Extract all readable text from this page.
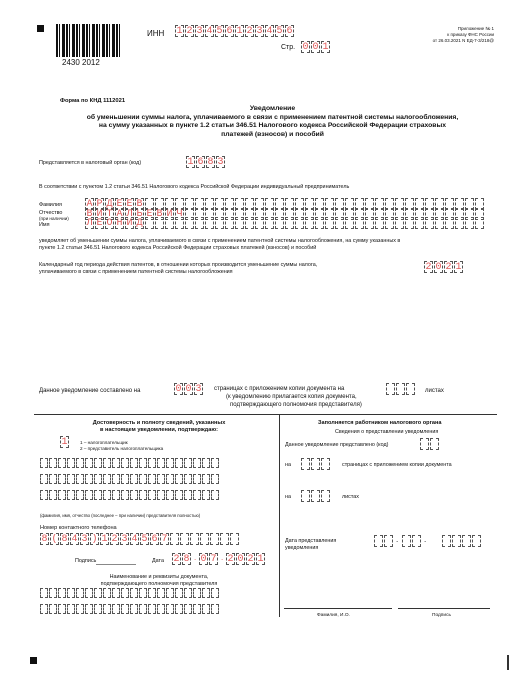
2430 2012
ИНН 1 2 3 4 5 6 1 2 3 4 5 6
Стр. 0 0 1
Приложение № 1
к приказу ФНС России
от 26.03.2021 N ЕД-7-3/218@
Форма по КНД 1112021
Уведомление
об уменьшении суммы налога, уплачиваемого в связи с применением патентной системы налогообложения,
на сумму указанных в пункте 1.2 статьи 346.51 Налогового кодекса Российской Федерации страховых
платежей (взносов) и пособий
Представляется в налоговый орган (код)	1 6 8 3
В соответствии с пунктом 1.2 статьи 346.51 Налогового кодекса Российской Федерации индивидуальный предприниматель
Фамилия А Р Д Е Е В
Имя	Л Е О Н И Д
Отчество
(при наличии) В И Т А Л Ь Е В И Ч
уведомляет об уменьшении суммы налога, уплачиваемого в связи с применением патентной системы налогообложения, на сумму указанных в
пункте 1.2 статьи 346.51 Налогового кодекса Российской Федерации страховых платежей (взносов) и пособий
Календарный год периода действия патентов, в отношении которых производится уменьшение суммы налога,
уплачиваемого в связи с применением патентной системы налогообложения	2 0 2 1
Данное уведомление составлено на	0 0 3 страницах с приложением копии документа на
(к уведомлению прилагается копия документа,
подтверждающего полномочия представителя)
листах
Достоверность и полноту сведений, указанных
в настоящем уведомлении, подтверждаю:
1	1 – налогоплательщик
2 – представитель налогоплательщика
(фамилия, имя, отчество (последнее – при наличии) представителя полностью)
Номер контактного телефона
8 ( 8 4 3 ) 1 2 3 4 5 6 7
Подпись	Дата 2 8 . 0 7 . 2 0 2 1
Наименование и реквизиты документа,
подтверждающего полномочия представителя
Заполняется работником налогового органа
Сведения о представлении уведомления
Данное уведомление представлено (код)
на	страницах с приложением копии документа
на	листах
Дата представления
уведомления
.	.
Фамилия, И.О.	Подпись
